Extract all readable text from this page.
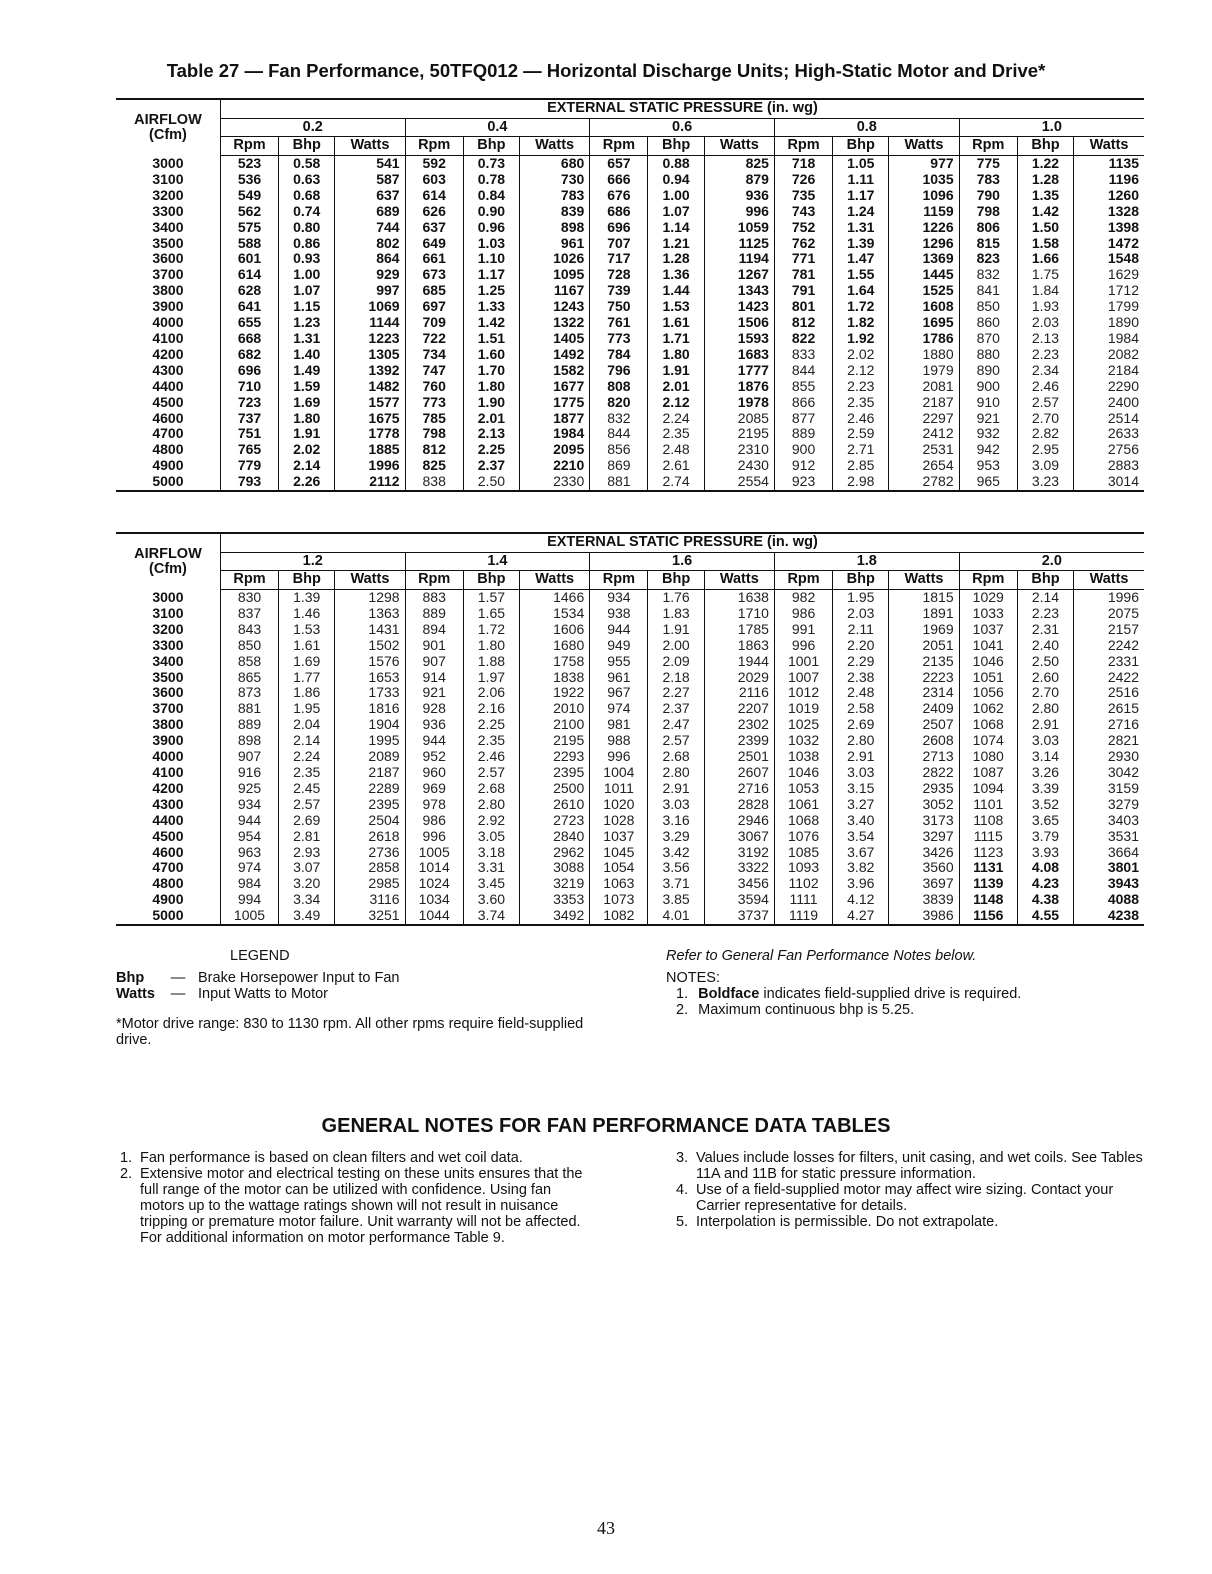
Table 27 — Fan Performance, 50TFQ012 — Horizontal Discharge Units; High-Static Motor and Drive*
AIRFLOW
(Cfm)	EXTERNAL STATIC PRESSURE (in. wg)														
	0.2			0.4			0.6			0.8			1.0		
	Rpm	Bhp	Watts	Rpm	Bhp	Watts	Rpm	Bhp	Watts	Rpm	Bhp	Watts	Rpm	Bhp	Watts
3000	523	0.58	541	592	0.73	680	657	0.88	825	718	1.05	977	775	1.22	1135
3100	536	0.63	587	603	0.78	730	666	0.94	879	726	1.11	1035	783	1.28	1196
3200	549	0.68	637	614	0.84	783	676	1.00	936	735	1.17	1096	790	1.35	1260
3300	562	0.74	689	626	0.90	839	686	1.07	996	743	1.24	1159	798	1.42	1328
3400	575	0.80	744	637	0.96	898	696	1.14	1059	752	1.31	1226	806	1.50	1398
3500	588	0.86	802	649	1.03	961	707	1.21	1125	762	1.39	1296	815	1.58	1472
3600	601	0.93	864	661	1.10	1026	717	1.28	1194	771	1.47	1369	823	1.66	1548
3700	614	1.00	929	673	1.17	1095	728	1.36	1267	781	1.55	1445	832	1.75	1629
3800	628	1.07	997	685	1.25	1167	739	1.44	1343	791	1.64	1525	841	1.84	1712
3900	641	1.15	1069	697	1.33	1243	750	1.53	1423	801	1.72	1608	850	1.93	1799
4000	655	1.23	1144	709	1.42	1322	761	1.61	1506	812	1.82	1695	860	2.03	1890
4100	668	1.31	1223	722	1.51	1405	773	1.71	1593	822	1.92	1786	870	2.13	1984
4200	682	1.40	1305	734	1.60	1492	784	1.80	1683	833	2.02	1880	880	2.23	2082
4300	696	1.49	1392	747	1.70	1582	796	1.91	1777	844	2.12	1979	890	2.34	2184
4400	710	1.59	1482	760	1.80	1677	808	2.01	1876	855	2.23	2081	900	2.46	2290
4500	723	1.69	1577	773	1.90	1775	820	2.12	1978	866	2.35	2187	910	2.57	2400
4600	737	1.80	1675	785	2.01	1877	832	2.24	2085	877	2.46	2297	921	2.70	2514
4700	751	1.91	1778	798	2.13	1984	844	2.35	2195	889	2.59	2412	932	2.82	2633
4800	765	2.02	1885	812	2.25	2095	856	2.48	2310	900	2.71	2531	942	2.95	2756
4900	779	2.14	1996	825	2.37	2210	869	2.61	2430	912	2.85	2654	953	3.09	2883
5000	793	2.26	2112	838	2.50	2330	881	2.74	2554	923	2.98	2782	965	3.23	3014
AIRFLOW
(Cfm)	EXTERNAL STATIC PRESSURE (in. wg)														
	1.2			1.4			1.6			1.8			2.0		
	Rpm	Bhp	Watts	Rpm	Bhp	Watts	Rpm	Bhp	Watts	Rpm	Bhp	Watts	Rpm	Bhp	Watts
3000	830	1.39	1298	883	1.57	1466	934	1.76	1638	982	1.95	1815	1029	2.14	1996
3100	837	1.46	1363	889	1.65	1534	938	1.83	1710	986	2.03	1891	1033	2.23	2075
3200	843	1.53	1431	894	1.72	1606	944	1.91	1785	991	2.11	1969	1037	2.31	2157
3300	850	1.61	1502	901	1.80	1680	949	2.00	1863	996	2.20	2051	1041	2.40	2242
3400	858	1.69	1576	907	1.88	1758	955	2.09	1944	1001	2.29	2135	1046	2.50	2331
3500	865	1.77	1653	914	1.97	1838	961	2.18	2029	1007	2.38	2223	1051	2.60	2422
3600	873	1.86	1733	921	2.06	1922	967	2.27	2116	1012	2.48	2314	1056	2.70	2516
3700	881	1.95	1816	928	2.16	2010	974	2.37	2207	1019	2.58	2409	1062	2.80	2615
3800	889	2.04	1904	936	2.25	2100	981	2.47	2302	1025	2.69	2507	1068	2.91	2716
3900	898	2.14	1995	944	2.35	2195	988	2.57	2399	1032	2.80	2608	1074	3.03	2821
4000	907	2.24	2089	952	2.46	2293	996	2.68	2501	1038	2.91	2713	1080	3.14	2930
4100	916	2.35	2187	960	2.57	2395	1004	2.80	2607	1046	3.03	2822	1087	3.26	3042
4200	925	2.45	2289	969	2.68	2500	1011	2.91	2716	1053	3.15	2935	1094	3.39	3159
4300	934	2.57	2395	978	2.80	2610	1020	3.03	2828	1061	3.27	3052	1101	3.52	3279
4400	944	2.69	2504	986	2.92	2723	1028	3.16	2946	1068	3.40	3173	1108	3.65	3403
4500	954	2.81	2618	996	3.05	2840	1037	3.29	3067	1076	3.54	3297	1115	3.79	3531
4600	963	2.93	2736	1005	3.18	2962	1045	3.42	3192	1085	3.67	3426	1123	3.93	3664
4700	974	3.07	2858	1014	3.31	3088	1054	3.56	3322	1093	3.82	3560	1131	4.08	3801
4800	984	3.20	2985	1024	3.45	3219	1063	3.71	3456	1102	3.96	3697	1139	4.23	3943
4900	994	3.34	3116	1034	3.60	3353	1073	3.85	3594	1111	4.12	3839	1148	4.38	4088
5000	1005	3.49	3251	1044	3.74	3492	1082	4.01	3737	1119	4.27	3986	1156	4.55	4238
LEGEND
Bhp	— Brake Horsepower Input to Fan
Watts	— Input Watts to Motor
*Motor drive range: 830 to 1130 rpm. All other rpms require field-supplied drive.
Refer to General Fan Performance Notes below.
NOTES:
1. Boldface indicates field-supplied drive is required.
2. Maximum continuous bhp is 5.25.
GENERAL NOTES FOR FAN PERFORMANCE DATA TABLES
1. Fan performance is based on clean filters and wet coil data.
2. Extensive motor and electrical testing on these units ensures that the full range of the motor can be utilized with confidence. Using fan motors up to the wattage ratings shown will not result in nuisance tripping or premature motor failure. Unit warranty will not be affected. For additional information on motor performance Table 9.
3. Values include losses for filters, unit casing, and wet coils. See Tables 11A and 11B for static pressure information.
4. Use of a field-supplied motor may affect wire sizing. Contact your Carrier representative for details.
5. Interpolation is permissible. Do not extrapolate.
43
